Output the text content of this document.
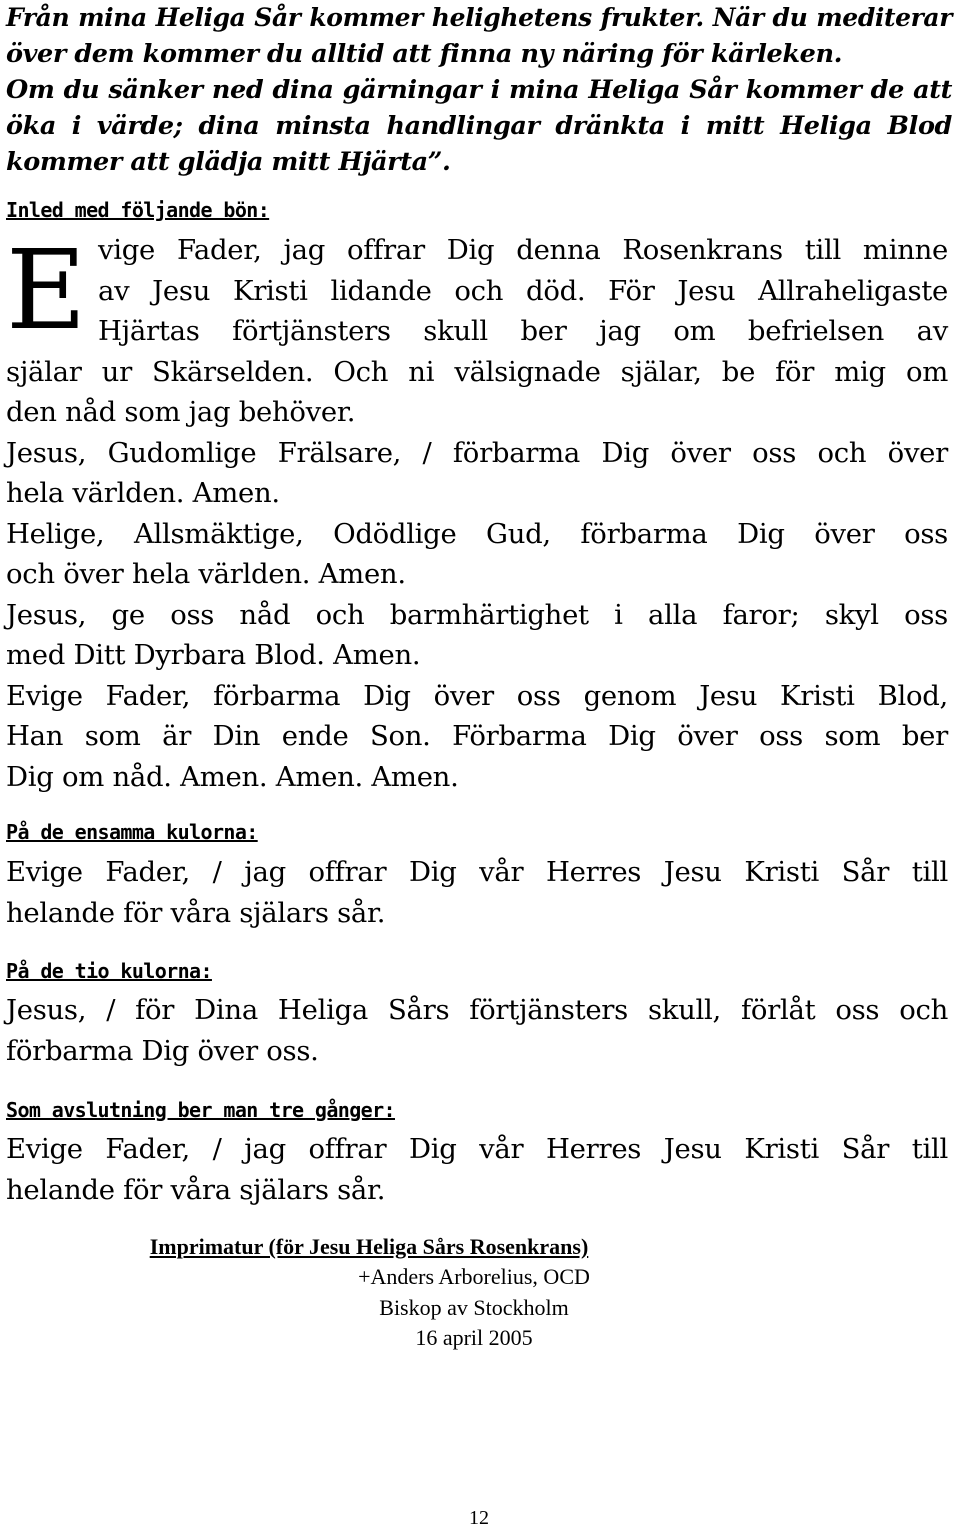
Från mina Heliga Sår kommer helighetens frukter. När du mediterar
över dem kommer du alltid att finna ny näring för kärleken.
Om du sänker ned dina gärningar i mina Heliga Sår kommer de att
öka i värde; dina minsta handlingar dränkta i mitt Heliga Blod
kommer att glädja mitt Hjärta”.
Inled med följande bön:
E vige Fader, jag offrar Dig denna Rosenkrans till minne
av Jesu Kristi lidande och död. För Jesu Allraheligaste
Hjärtas förtjänsters skull ber jag om befrielsen av
själar ur Skärselden. Och ni välsignade själar, be för mig om
den nåd som jag behöver.
Jesus, Gudomlige Frälsare, / förbarma Dig över oss och över
hela världen. Amen.
Helige, Allsmäktige, Odödlige Gud, förbarma Dig över oss
och över hela världen. Amen.
Jesus, ge oss nåd och barmhärtighet i alla faror; skyl oss
med Ditt Dyrbara Blod. Amen.
Evige Fader, förbarma Dig över oss genom Jesu Kristi Blod,
Han som är Din ende Son. Förbarma Dig över oss som ber
Dig om nåd. Amen. Amen. Amen.
På de ensamma kulorna:
Evige Fader, / jag offrar Dig vår Herres Jesu Kristi Sår till
helande för våra själars sår.
På de tio kulorna:
Jesus, / för Dina Heliga Sårs förtjänsters skull, förlåt oss och
förbarma Dig över oss.
Som avslutning ber man tre gånger:
Evige Fader, / jag offrar Dig vår Herres Jesu Kristi Sår till
helande för våra själars sår.
Imprimatur (för Jesu Heliga Sårs Rosenkrans)
+Anders Arborelius, OCD
Biskop av Stockholm
16 april 2005
12
